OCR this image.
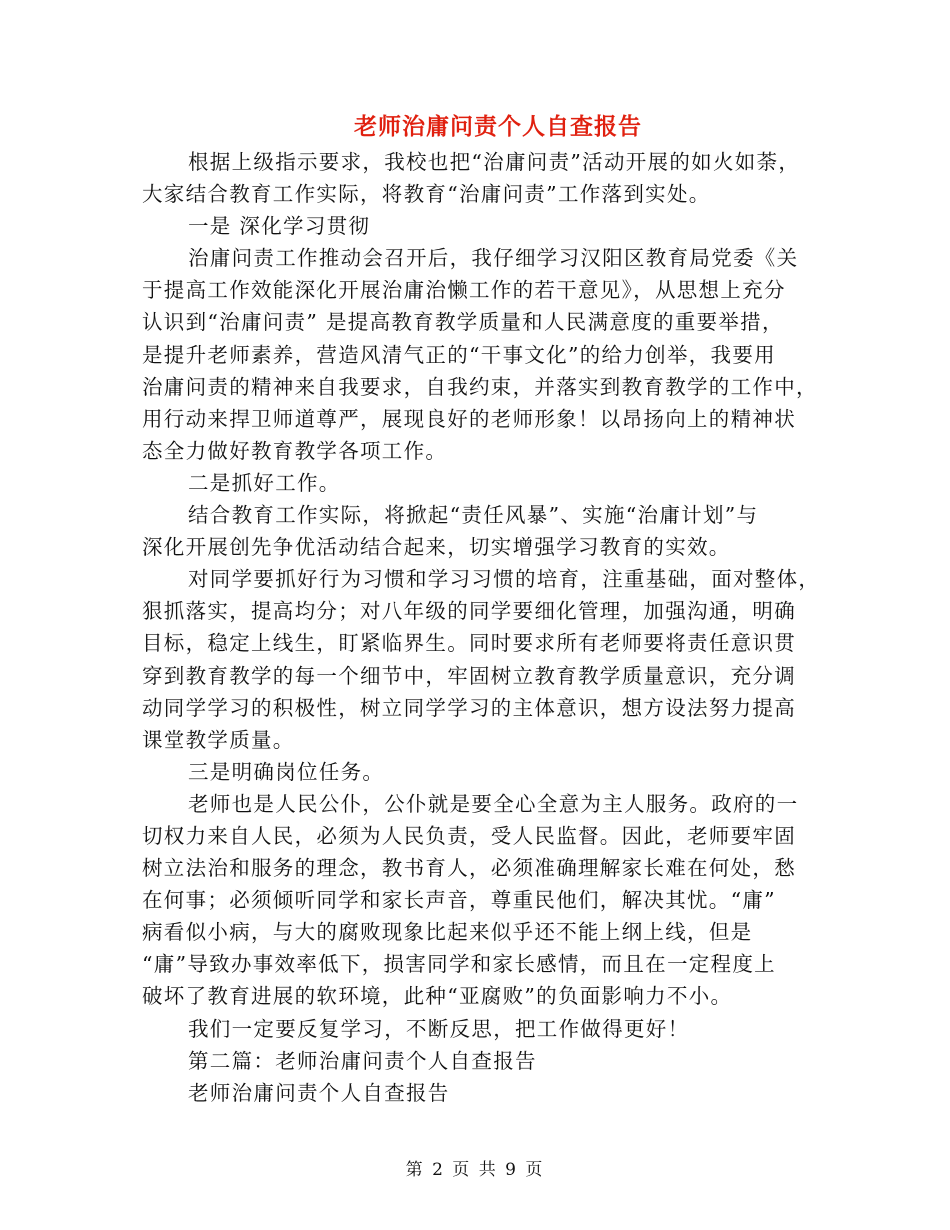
老师治庸问责个人自查报告
根据上级指示要求，我校也把“治庸问责”活动开展的如火如荼，
大家结合教育工作实际，将教育“治庸问责”工作落到实处。
一是 深化学习贯彻
治庸问责工作推动会召开后，我仔细学习汉阳区教育局党委《关
于提高工作效能深化开展治庸治懒工作的若干意见》，从思想上充分
认识到“治庸问责” 是提高教育教学质量和人民满意度的重要举措，
是提升老师素养，营造风清气正的“干事文化”的给力创举，我要用
治庸问责的精神来自我要求，自我约束，并落实到教育教学的工作中，
用行动来捍卫师道尊严，展现良好的老师形象！以昂扬向上的精神状
态全力做好教育教学各项工作。
二是抓好工作。
结合教育工作实际，将掀起“责任风暴”、实施“治庸计划”与
深化开展创先争优活动结合起来，切实增强学习教育的实效。
对同学要抓好行为习惯和学习习惯的培育，注重基础，面对整体，
狠抓落实，提高均分；对八年级的同学要细化管理，加强沟通，明确
目标，稳定上线生，盯紧临界生。同时要求所有老师要将责任意识贯
穿到教育教学的每一个细节中，牢固树立教育教学质量意识，充分调
动同学学习的积极性，树立同学学习的主体意识，想方设法努力提高
课堂教学质量。
三是明确岗位任务。
老师也是人民公仆，公仆就是要全心全意为主人服务。政府的一
切权力来自人民，必须为人民负责，受人民监督。因此，老师要牢固
树立法治和服务的理念，教书育人，必须准确理解家长难在何处，愁
在何事；必须倾听同学和家长声音，尊重民他们，解决其忧。“庸”
病看似小病，与大的腐败现象比起来似乎还不能上纲上线，但是
“庸”导致办事效率低下，损害同学和家长感情，而且在一定程度上
破坏了教育进展的软环境，此种“亚腐败”的负面影响力不小。
我们一定要反复学习，不断反思，把工作做得更好！
第二篇：老师治庸问责个人自查报告
老师治庸问责个人自查报告
第 2 页 共 9 页
